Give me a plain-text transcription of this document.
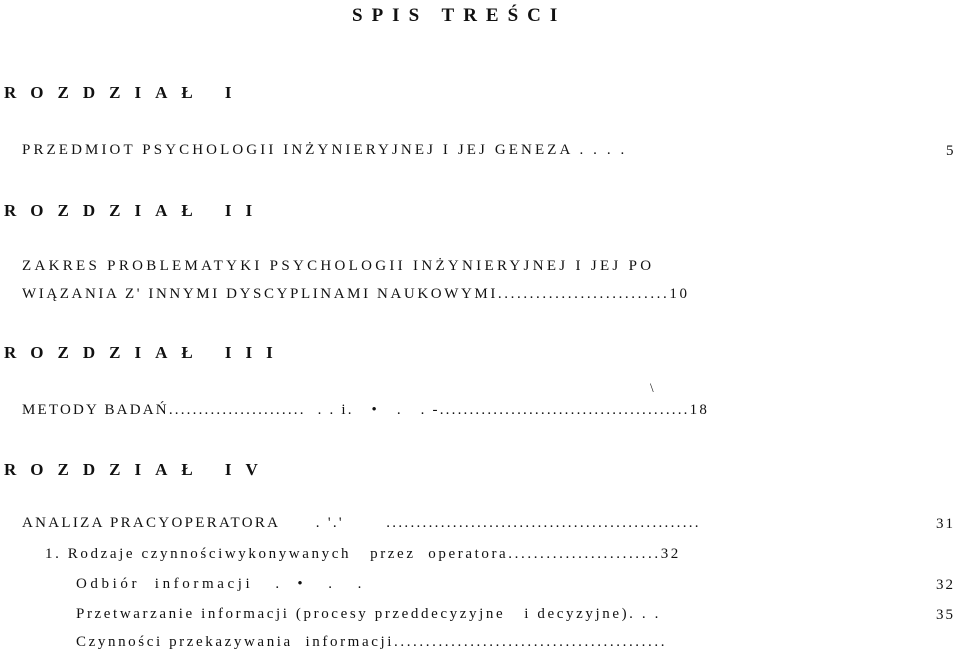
SPIS TREŚCI
ROZDZIAŁ I
PRZEDMIOT PSYCHOLOGII INŻYNIERYJNEJ I JEJ GENEZA . . . .	5
ROZDZIAŁ II
ZAKRES PROBLEMATYKI PSYCHOLOGII INŻYNIERYJNEJ I JEJ PO
WIĄZANIA Z' INNYMI DYSCYPLINAMI NAUKOWYMI...........................10
ROZDZIAŁ III
\
METODY BADAŃ.......................  . . i.   •   .   . -..........................................18
ROZDZIAŁ IV
ANALIZA PRACYOPERATORA      . '.'       ....................................................	31
1. Rodzaje czynnościwykonywanych   przez  operatora........................32
Odbiór  informacji   .  •   .   .	32
Przetwarzanie informacji (procesy przeddecyzyjne   i decyzyjne). . .	35
Czynności przekazywania  informacji...........................................
